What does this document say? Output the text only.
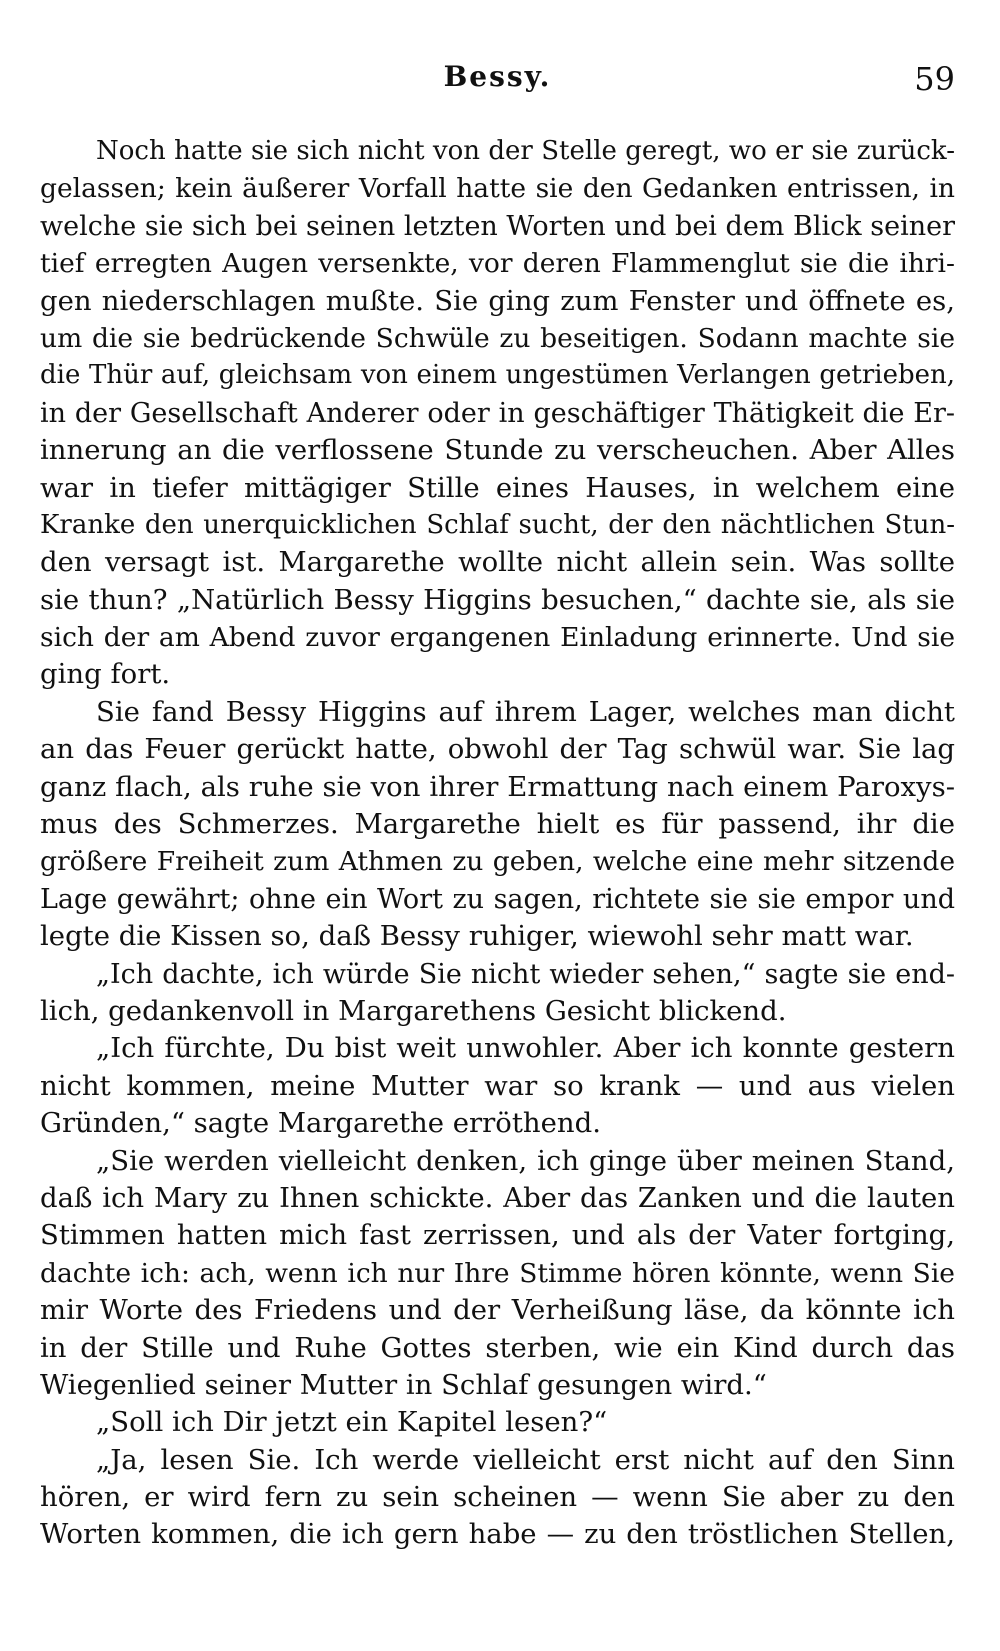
Bessy.	59
Noch hatte sie sich nicht von der Stelle geregt, wo er sie zurück-
gelassen; kein äußerer Vorfall hatte sie den Gedanken entrissen, in
welche sie sich bei seinen letzten Worten und bei dem Blick seiner
tief erregten Augen versenkte, vor deren Flammenglut sie die ihri-
gen niederschlagen mußte. Sie ging zum Fenster und öffnete es,
um die sie bedrückende Schwüle zu beseitigen. Sodann machte sie
die Thür auf, gleichsam von einem ungestümen Verlangen getrieben,
in der Gesellschaft Anderer oder in geschäftiger Thätigkeit die Er-
innerung an die verflossene Stunde zu verscheuchen. Aber Alles
war in tiefer mittägiger Stille eines Hauses, in welchem eine
Kranke den unerquicklichen Schlaf sucht, der den nächtlichen Stun-
den versagt ist. Margarethe wollte nicht allein sein. Was sollte
sie thun? „Natürlich Bessy Higgins besuchen,“ dachte sie, als sie
sich der am Abend zuvor ergangenen Einladung erinnerte. Und sie
ging fort.
Sie fand Bessy Higgins auf ihrem Lager, welches man dicht
an das Feuer gerückt hatte, obwohl der Tag schwül war. Sie lag
ganz flach, als ruhe sie von ihrer Ermattung nach einem Paroxys-
mus des Schmerzes. Margarethe hielt es für passend, ihr die
größere Freiheit zum Athmen zu geben, welche eine mehr sitzende
Lage gewährt; ohne ein Wort zu sagen, richtete sie sie empor und
legte die Kissen so, daß Bessy ruhiger, wiewohl sehr matt war.
„Ich dachte, ich würde Sie nicht wieder sehen,“ sagte sie end-
lich, gedankenvoll in Margarethens Gesicht blickend.
„Ich fürchte, Du bist weit unwohler. Aber ich konnte gestern
nicht kommen, meine Mutter war so krank — und aus vielen
Gründen,“ sagte Margarethe erröthend.
„Sie werden vielleicht denken, ich ginge über meinen Stand,
daß ich Mary zu Ihnen schickte. Aber das Zanken und die lauten
Stimmen hatten mich fast zerrissen, und als der Vater fortging,
dachte ich: ach, wenn ich nur Ihre Stimme hören könnte, wenn Sie
mir Worte des Friedens und der Verheißung läse, da könnte ich
in der Stille und Ruhe Gottes sterben, wie ein Kind durch das
Wiegenlied seiner Mutter in Schlaf gesungen wird.“
„Soll ich Dir jetzt ein Kapitel lesen?“
„Ja, lesen Sie. Ich werde vielleicht erst nicht auf den Sinn
hören, er wird fern zu sein scheinen — wenn Sie aber zu den
Worten kommen, die ich gern habe — zu den tröstlichen Stellen,
